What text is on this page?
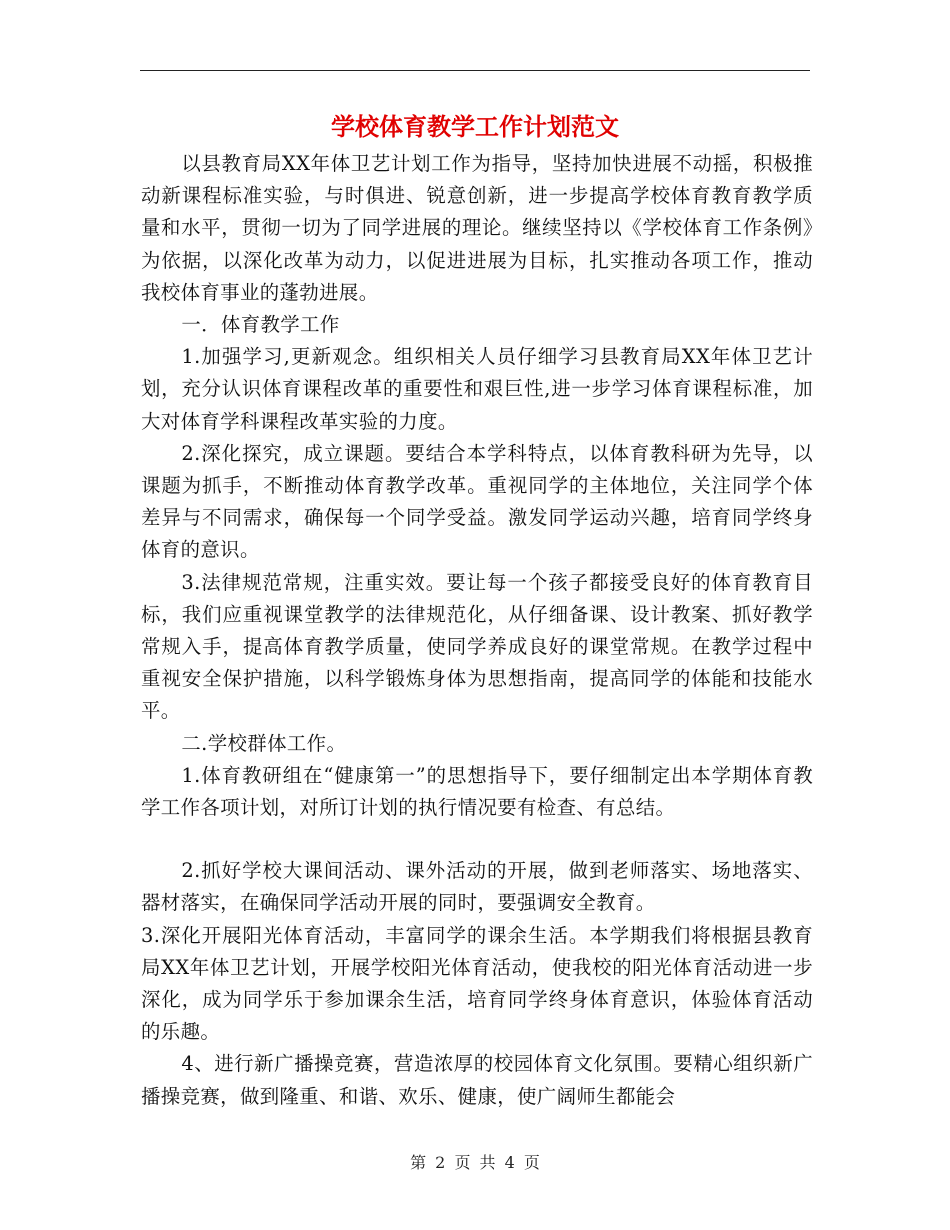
学校体育教学工作计划范文

以县教育局XX年体卫艺计划工作为指导，坚持加快进展不动摇，积极推动新课程标准实验，与时俱进、锐意创新，进一步提高学校体育教育教学质量和水平，贯彻一切为了同学进展的理论。继续坚持以《学校体育工作条例》为依据，以深化改革为动力，以促进进展为目标，扎实推动各项工作，推动我校体育事业的蓬勃进展。

一．体育教学工作

1.加强学习,更新观念。组织相关人员仔细学习县教育局XX年体卫艺计划，充分认识体育课程改革的重要性和艰巨性,进一步学习体育课程标准，加大对体育学科课程改革实验的力度。

2.深化探究，成立课题。要结合本学科特点，以体育教科研为先导，以课题为抓手，不断推动体育教学改革。重视同学的主体地位，关注同学个体差异与不同需求，确保每一个同学受益。激发同学运动兴趣，培育同学终身体育的意识。

3.法律规范常规，注重实效。要让每一个孩子都接受良好的体育教育目标，我们应重视课堂教学的法律规范化，从仔细备课、设计教案、抓好教学常规入手，提高体育教学质量，使同学养成良好的课堂常规。在教学过程中重视安全保护措施，以科学锻炼身体为思想指南，提高同学的体能和技能水平。

二.学校群体工作。

1.体育教研组在“健康第一”的思想指导下，要仔细制定出本学期体育教学工作各项计划，对所订计划的执行情况要有检查、有总结。

2.抓好学校大课间活动、课外活动的开展，做到老师落实、场地落实、器材落实，在确保同学活动开展的同时，要强调安全教育。

3.深化开展阳光体育活动，丰富同学的课余生活。本学期我们将根据县教育局XX年体卫艺计划，开展学校阳光体育活动，使我校的阳光体育活动进一步深化，成为同学乐于参加课余生活，培育同学终身体育意识，体验体育活动的乐趣。

4、进行新广播操竞赛，营造浓厚的校园体育文化氛围。要精心组织新广播操竞赛，做到隆重、和谐、欢乐、健康，使广阔师生都能会

第 2 页 共 4 页
